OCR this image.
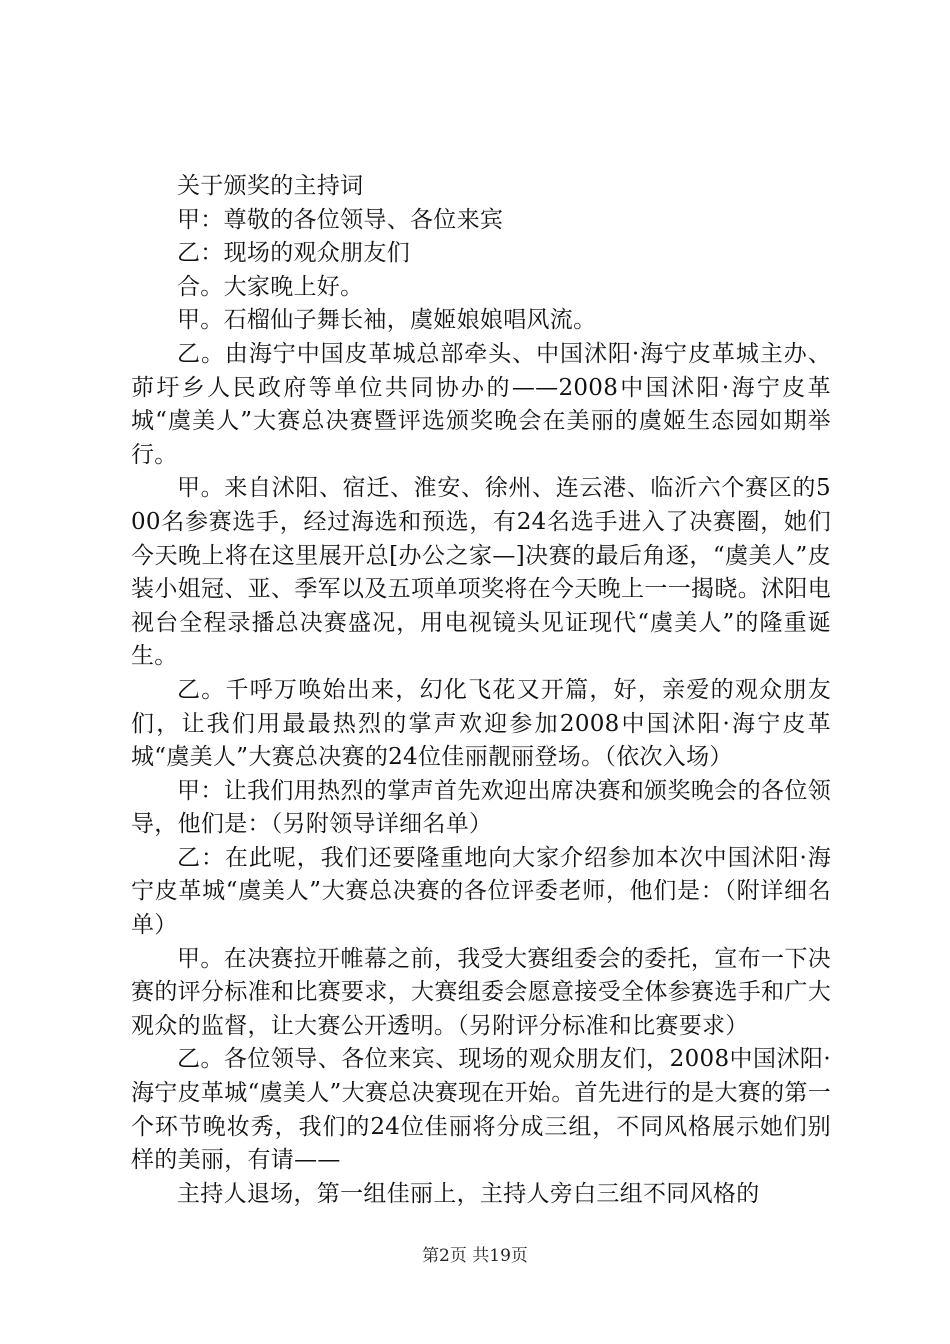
关于颁奖的主持词

甲：尊敬的各位领导、各位来宾

乙：现场的观众朋友们

合。大家晚上好。

甲。石榴仙子舞长袖，虞姬娘娘唱风流。

乙。由海宁中国皮革城总部牵头、中国沭阳·海宁皮革城主办、茆圩乡人民政府等单位共同协办的——2008中国沭阳·海宁皮革城“虞美人”大赛总决赛暨评选颁奖晚会在美丽的虞姬生态园如期举行。

甲。来自沭阳、宿迁、淮安、徐州、连云港、临沂六个赛区的500名参赛选手，经过海选和预选，有24名选手进入了决赛圈，她们今天晚上将在这里展开总[办公之家—]决赛的最后角逐，“虞美人”皮装小姐冠、亚、季军以及五项单项奖将在今天晚上一一揭晓。沭阳电视台全程录播总决赛盛况，用电视镜头见证现代“虞美人”的隆重诞生。

乙。千呼万唤始出来，幻化飞花又开篇，好，亲爱的观众朋友们，让我们用最最热烈的掌声欢迎参加2008中国沭阳·海宁皮革城“虞美人”大赛总决赛的24位佳丽靓丽登场。（依次入场）

甲：让我们用热烈的掌声首先欢迎出席决赛和颁奖晚会的各位领导，他们是：（另附领导详细名单）

乙：在此呢，我们还要隆重地向大家介绍参加本次中国沭阳·海宁皮革城“虞美人”大赛总决赛的各位评委老师，他们是：（附详细名单）

甲。在决赛拉开帷幕之前，我受大赛组委会的委托，宣布一下决赛的评分标准和比赛要求，大赛组委会愿意接受全体参赛选手和广大观众的监督，让大赛公开透明。（另附评分标准和比赛要求）

乙。各位领导、各位来宾、现场的观众朋友们，2008中国沭阳·海宁皮革城“虞美人”大赛总决赛现在开始。首先进行的是大赛的第一个环节晚妆秀，我们的24位佳丽将分成三组，不同风格展示她们别样的美丽，有请——

主持人退场，第一组佳丽上，主持人旁白三组不同风格的

第2页 共19页
